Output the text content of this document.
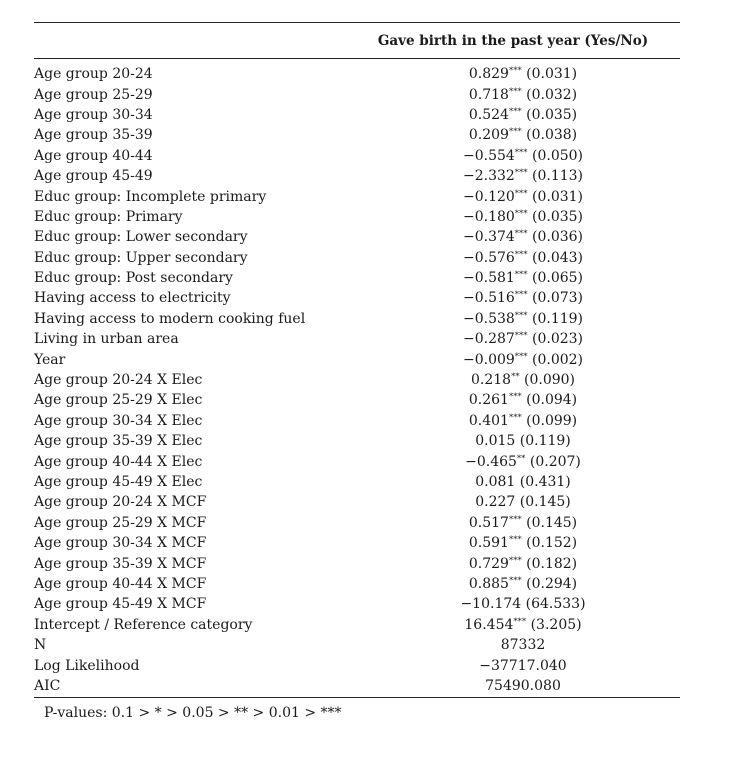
Gave birth in the past year (Yes/No)
Age group 20-24	0.829*** (0.031)
Age group 25-29	0.718*** (0.032)
Age group 30-34	0.524*** (0.035)
Age group 35-39	0.209*** (0.038)
Age group 40-44	−0.554*** (0.050)
Age group 45-49	−2.332*** (0.113)
Educ group: Incomplete primary	−0.120*** (0.031)
Educ group: Primary	−0.180*** (0.035)
Educ group: Lower secondary	−0.374*** (0.036)
Educ group: Upper secondary	−0.576*** (0.043)
Educ group: Post secondary	−0.581*** (0.065)
Having access to electricity	−0.516*** (0.073)
Having access to modern cooking fuel	−0.538*** (0.119)
Living in urban area	−0.287*** (0.023)
Year	−0.009*** (0.002)
Age group 20-24 X Elec	0.218** (0.090)
Age group 25-29 X Elec	0.261*** (0.094)
Age group 30-34 X Elec	0.401*** (0.099)
Age group 35-39 X Elec	0.015 (0.119)
Age group 40-44 X Elec	−0.465** (0.207)
Age group 45-49 X Elec	0.081 (0.431)
Age group 20-24 X MCF	0.227 (0.145)
Age group 25-29 X MCF	0.517*** (0.145)
Age group 30-34 X MCF	0.591*** (0.152)
Age group 35-39 X MCF	0.729*** (0.182)
Age group 40-44 X MCF	0.885*** (0.294)
Age group 45-49 X MCF	−10.174 (64.533)
Intercept / Reference category	16.454*** (3.205)
N	87332
Log Likelihood	−37717.040
AIC	75490.080
P-values: 0.1 > * > 0.05 > ** > 0.01 > ***
